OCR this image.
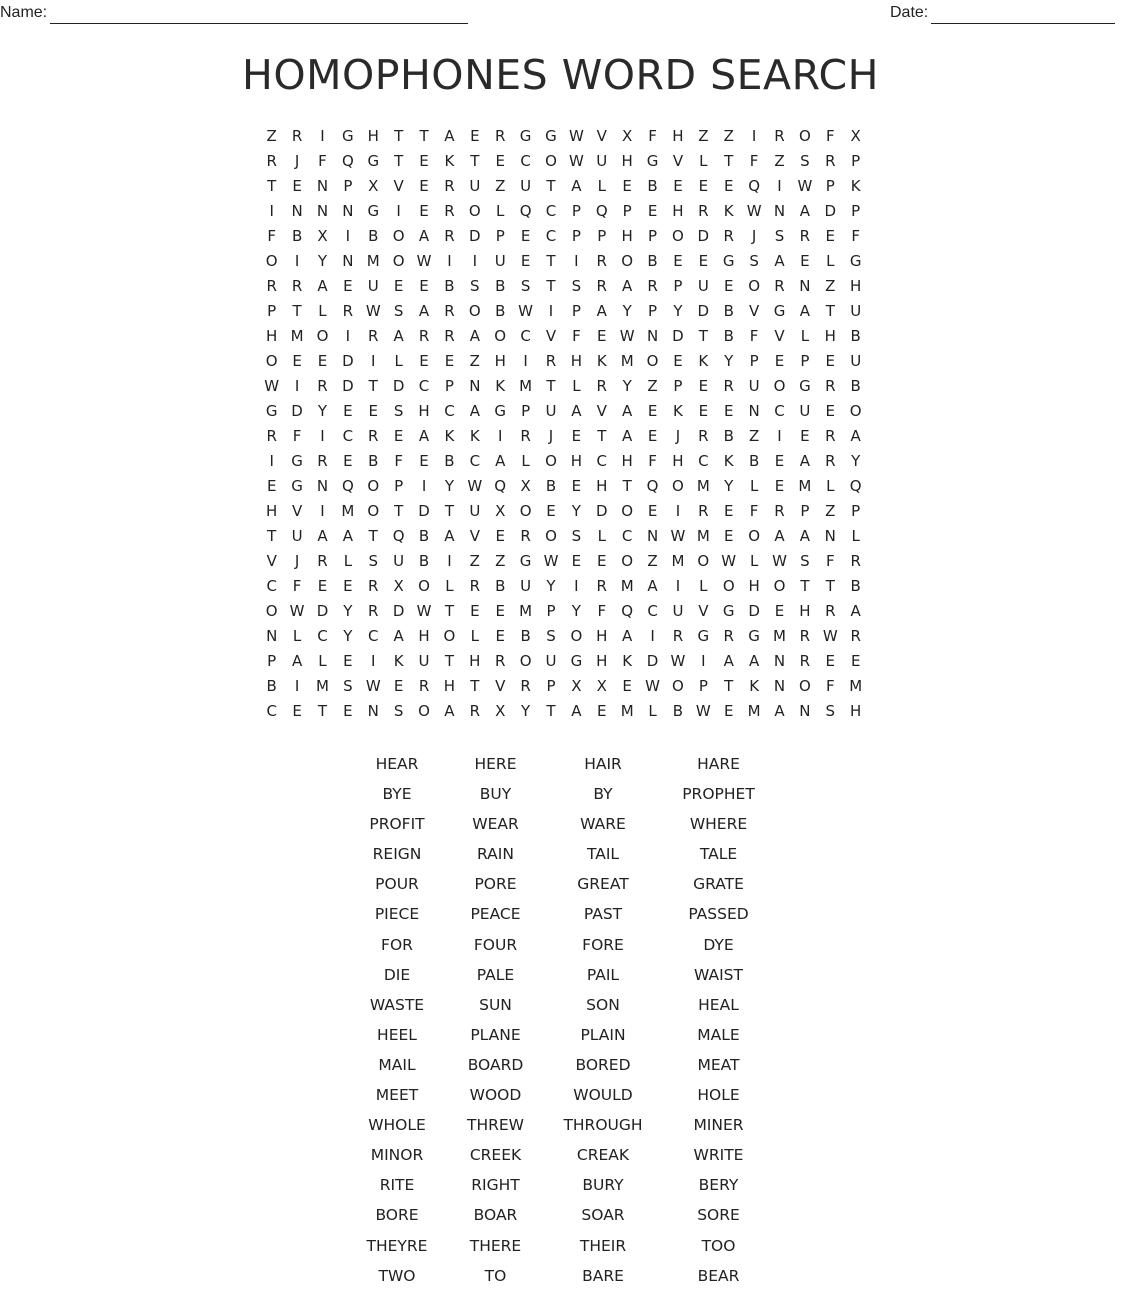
Name:	Date:
HOMOPHONES WORD SEARCH
Z	R	I	G H	T	T	A	E	R G G W V	X	F	H Z	Z	I	R O	F	X
R	J	F	Q G	T	E	K	T	E	C O W U H G V	L	T	F	Z	S	R	P
T	E	N	P	X	V	E	R U Z U	T	A	L	E	B	E	E	E Q	I	W P	K
I	N N N G	I	E	R O	L	Q C	P Q P	E	H R	K W N A D	P
F	B	X	I	B O A	R D	P	E	C	P	P	H	P O D R	J	S	R	E	F
O	I	Y	N M O W	I	I	U	E	T	I	R O B	E	E G S	A	E	L	G
R R	A	E	U	E	E	B	S	B	S	T	S	R	A	R	P	U	E O R N Z H
P	T	L	R W S	A	R O B W	I	P	A	Y	P	Y	D B	V G A	T	U
H M O	I	R	A	R R	A O C	V	F	E W N D	T	B	F	V	L	H B
O E	E D	I	L	E	E	Z H	I	R H K M O E	K	Y	P	E	P	E	U
W	I	R D	T	D C	P	N K M T	L	R	Y	Z	P	E	R U O G R	B
G D	Y	E	E	S H C	A G	P	U A	V	A	E	K	E	E	N C U	E O
R	F	I	C R	E	A	K	K	I	R	J	E	T	A	E	J	R	B	Z	I	E	R	A
I	G R	E	B	F	E	B	C	A	L	O H C H	F	H C	K	B	E	A	R	Y
E G N Q O P	I	Y W Q X	B	E	H	T Q O M Y	L	E M L	Q
H V	I	M O T	D	T	U X O E	Y	D O E	I	R	E	F	R	P	Z	P
T	U A	A	T Q B	A	V	E	R O S	L	C N W M E O A	A N	L
V	J	R	L	S	U B	I	Z	Z G W E	E O Z M O W L W S	F	R
C	F	E	E	R	X O	L	R	B U	Y	I	R M A	I	L	O H O T	T	B
O W D	Y	R D W T	E	E M P	Y	F	Q C U V G D E	H R	A
N	L	C	Y	C	A H O	L	E	B	S O H A	I	R G R G M R W R
P	A	L	E	I	K U	T	H R O U G H K D W	I	A	A N R	E	E
B	I	M S W E	R H	T	V	R	P	X	X	E W O P	T	K N O	F M
C	E	T	E	N	S O A	R	X	Y	T	A	E M L	B W E M A N	S H
HEAR	HERE	HAIR	HARE
BYE	BUY	BY	PROPHET
PROFIT	WEAR	WARE	WHERE
REIGN	RAIN	TAIL	TALE
POUR	PORE	GREAT	GRATE
PIECE	PEACE	PAST	PASSED
FOR	FOUR	FORE	DYE
DIE	PALE	PAIL	WAIST
WASTE	SUN	SON	HEAL
HEEL	PLANE	PLAIN	MALE
MAIL	BOARD	BORED	MEAT
MEET	WOOD	WOULD	HOLE
WHOLE	THREW	THROUGH	MINER
MINOR	CREEK	CREAK	WRITE
RITE	RIGHT	BURY	BERY
BORE	BOAR	SOAR	SORE
THEYRE	THERE	THEIR	TOO
TWO	TO	BARE	BEAR
